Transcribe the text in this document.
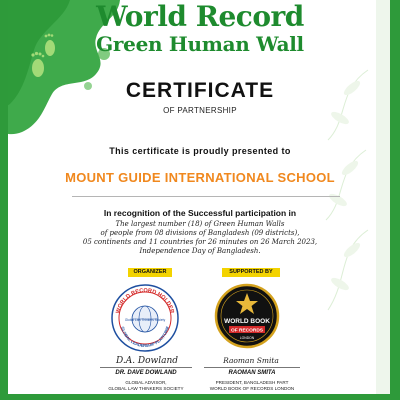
World Record
Green Human Wall
CERTIFICATE
OF PARTNERSHIP
This certificate is proudly presented to
MOUNT GUIDE INTERNATIONAL SCHOOL
In recognition of the Successful participation in
The largest number (18) of Green Human Walls
of people from 08 divisions of Bangladesh (09 districts),
05 continents and 11 countries for 26 minutes on 26 March 2023,
Independence Day of Bangladesh.
ORGANIZER	SUPPORTED BY
WORLD RECORD HOLDER
Global Law Thinkers Society
GLOBAL LEADERSHIP PLATFORM
WORLD BOOK
OF RECORDS
LONDON
D.A. Dowland	Raoman Smita
DR. DAVE DOWLAND
GLOBAL ADVISOR,
GLOBAL LAW THINKERS SOCIETY
RAOMAN SMITA
PRESIDENT, BANGLADESH PART
WORLD BOOK OF RECORDS LONDON
